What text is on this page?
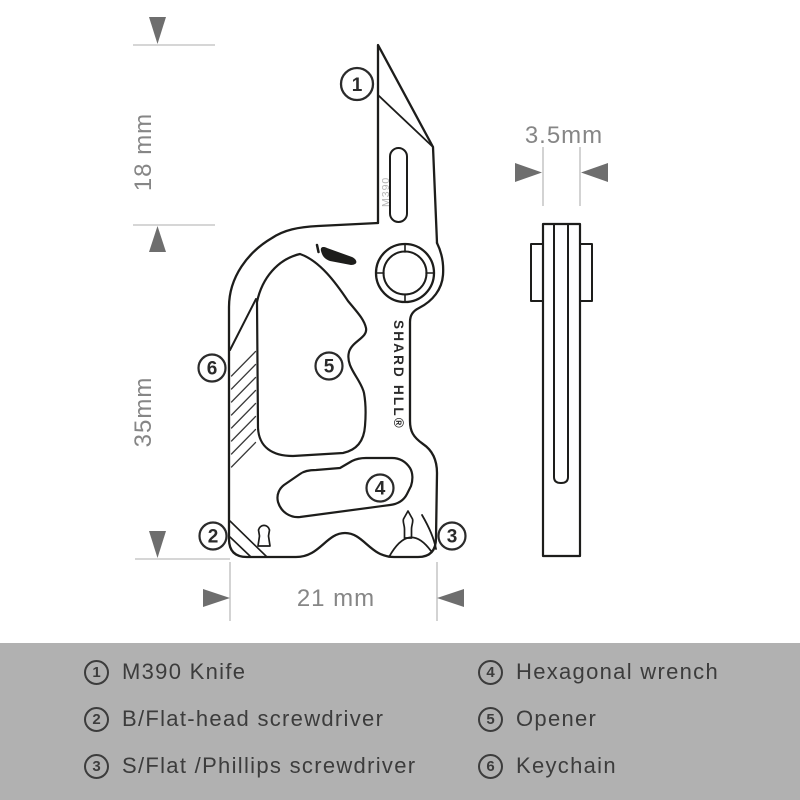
18 mm
35mm
21 mm
3.5mm
SHARD HLL®
M390
1
2	3
4
5
6
1 M390 Knife
2 B/Flat-head screwdriver
3 S/Flat /Phillips screwdriver
4 Hexagonal wrench
5 Opener
6 Keychain
